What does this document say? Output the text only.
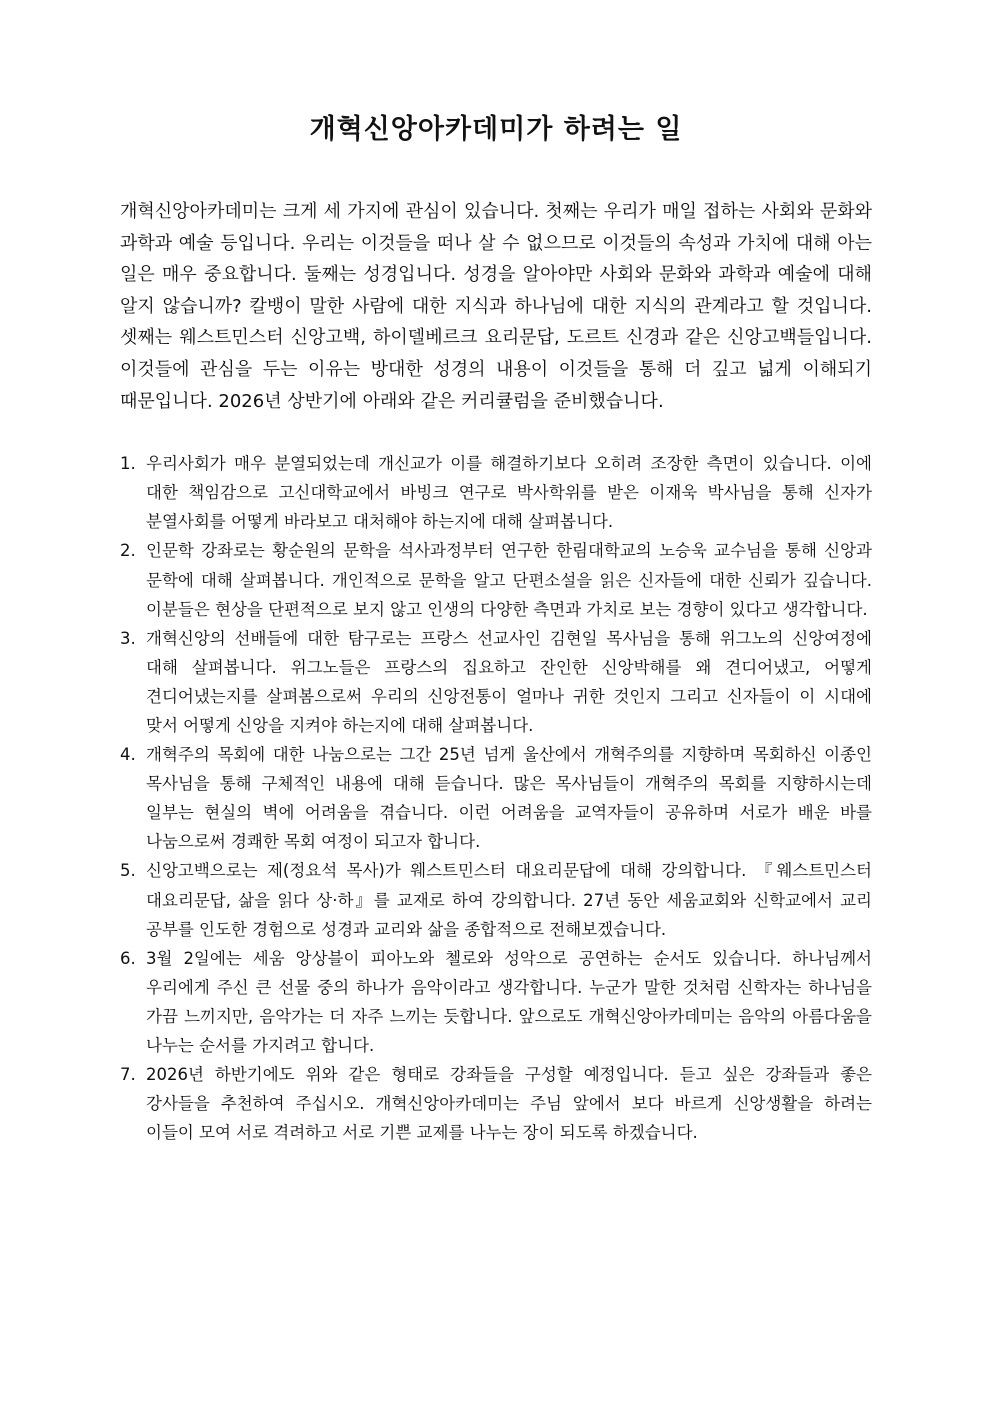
개혁신앙아카데미가 하려는 일

개혁신앙아카데미는 크게 세 가지에 관심이 있습니다. 첫째는 우리가 매일 접하는 사회와 문화와 과학과 예술 등입니다. 우리는 이것들을 떠나 살 수 없으므로 이것들의 속성과 가치에 대해 아는 일은 매우 중요합니다. 둘째는 성경입니다. 성경을 알아야만 사회와 문화와 과학과 예술에 대해 알지 않습니까? 칼뱅이 말한 사람에 대한 지식과 하나님에 대한 지식의 관계라고 할 것입니다. 셋째는 웨스트민스터 신앙고백, 하이델베르크 요리문답, 도르트 신경과 같은 신앙고백들입니다. 이것들에 관심을 두는 이유는 방대한 성경의 내용이 이것들을 통해 더 깊고 넓게 이해되기 때문입니다. 2026년 상반기에 아래와 같은 커리큘럼을 준비했습니다.

1. 우리사회가 매우 분열되었는데 개신교가 이를 해결하기보다 오히려 조장한 측면이 있습니다. 이에 대한 책임감으로 고신대학교에서 바빙크 연구로 박사학위를 받은 이재욱 박사님을 통해 신자가 분열사회를 어떻게 바라보고 대처해야 하는지에 대해 살펴봅니다.
2. 인문학 강좌로는 황순원의 문학을 석사과정부터 연구한 한림대학교의 노승욱 교수님을 통해 신앙과 문학에 대해 살펴봅니다. 개인적으로 문학을 알고 단편소설을 읽은 신자들에 대한 신뢰가 깊습니다. 이분들은 현상을 단편적으로 보지 않고 인생의 다양한 측면과 가치로 보는 경향이 있다고 생각합니다.
3. 개혁신앙의 선배들에 대한 탐구로는 프랑스 선교사인 김현일 목사님을 통해 위그노의 신앙여정에 대해 살펴봅니다. 위그노들은 프랑스의 집요하고 잔인한 신앙박해를 왜 견디어냈고, 어떻게 견디어냈는지를 살펴봄으로써 우리의 신앙전통이 얼마나 귀한 것인지 그리고 신자들이 이 시대에 맞서 어떻게 신앙을 지켜야 하는지에 대해 살펴봅니다.
4. 개혁주의 목회에 대한 나눔으로는 그간 25년 넘게 울산에서 개혁주의를 지향하며 목회하신 이종인 목사님을 통해 구체적인 내용에 대해 듣습니다. 많은 목사님들이 개혁주의 목회를 지향하시는데 일부는 현실의 벽에 어려움을 겪습니다. 이런 어려움을 교역자들이 공유하며 서로가 배운 바를 나눔으로써 경쾌한 목회 여정이 되고자 합니다.
5. 신앙고백으로는 제(정요석 목사)가 웨스트민스터 대요리문답에 대해 강의합니다. 『웨스트민스터 대요리문답, 삶을 읽다 상·하』를 교재로 하여 강의합니다. 27년 동안 세움교회와 신학교에서 교리 공부를 인도한 경험으로 성경과 교리와 삶을 종합적으로 전해보겠습니다.
6. 3월 2일에는 세움 앙상블이 피아노와 첼로와 성악으로 공연하는 순서도 있습니다. 하나님께서 우리에게 주신 큰 선물 중의 하나가 음악이라고 생각합니다. 누군가 말한 것처럼 신학자는 하나님을 가끔 느끼지만, 음악가는 더 자주 느끼는 듯합니다. 앞으로도 개혁신앙아카데미는 음악의 아름다움을 나누는 순서를 가지려고 합니다.
7. 2026년 하반기에도 위와 같은 형태로 강좌들을 구성할 예정입니다. 듣고 싶은 강좌들과 좋은 강사들을 추천하여 주십시오. 개혁신앙아카데미는 주님 앞에서 보다 바르게 신앙생활을 하려는 이들이 모여 서로 격려하고 서로 기쁜 교제를 나누는 장이 되도록 하겠습니다.
